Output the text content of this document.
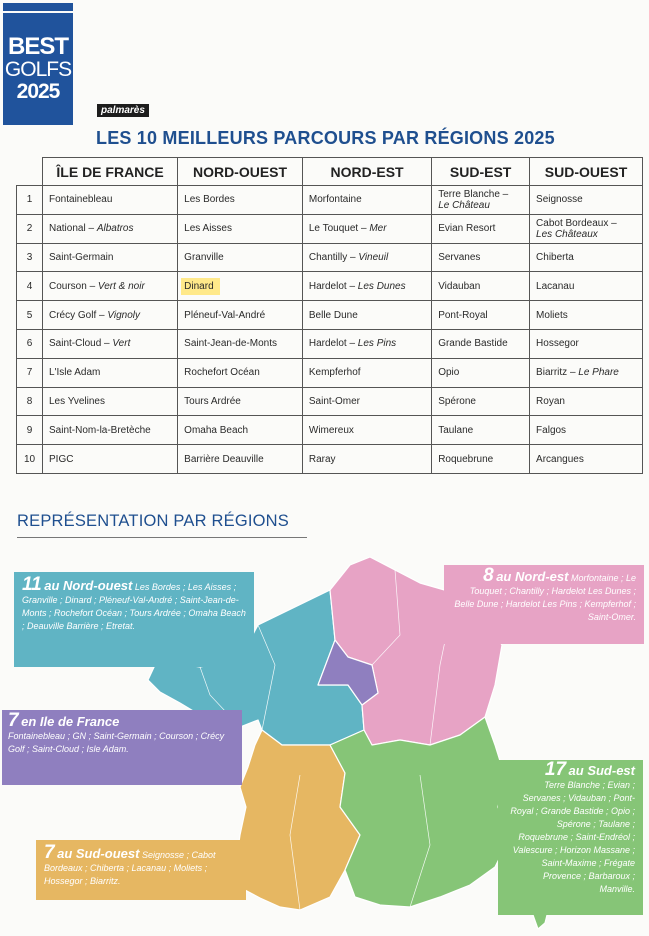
BEST
GOLFS
2025
palmarès
LES 10 MEILLEURS PARCOURS PAR RÉGIONS 2025
	ÎLE DE FRANCE	NORD-OUEST	NORD-EST	SUD-EST	SUD-OUEST
1	Fontainebleau	Les Bordes	Morfontaine	Terre Blanche –
Le Château	Seignosse
2	National – Albatros	Les Aisses	Le Touquet – Mer	Evian Resort	Cabot Bordeaux –
Les Châteaux
3	Saint-Germain	Granville	Chantilly – Vineuil	Servanes	Chiberta
4	Courson – Vert & noir	Dinard	Hardelot – Les Dunes	Vidauban	Lacanau
5	Crécy Golf – Vignoly	Pléneuf-Val-André	Belle Dune	Pont-Royal	Moliets
6	Saint-Cloud – Vert	Saint-Jean-de-Monts	Hardelot – Les Pins	Grande Bastide	Hossegor
7	L'Isle Adam	Rochefort Océan	Kempferhof	Opio	Biarritz – Le Phare
8	Les Yvelines	Tours Ardrée	Saint-Omer	Spérone	Royan
9	Saint-Nom-la-Bretèche	Omaha Beach	Wimereux	Taulane	Falgos
10	PIGC	Barrière Deauville	Raray	Roquebrune	Arcangues
REPRÉSENTATION PAR RÉGIONS
11 au Nord-ouest Les Bordes ; Les Aisses ; Granville ; Dinard ; Pléneuf-Val-André ; Saint-Jean-de-Monts ; Rochefort Océan ; Tours Ardrée ; Omaha Beach ; Deauville Barrière ; Etretat.
8 au Nord-est Morfontaine ; Le Touquet ; Chantilly ; Hardelot Les Dunes ; Belle Dune ; Hardelot Les Pins ; Kempferhof ; Saint-Omer.
7 en Ile de France
Fontainebleau ; GN ; Saint-Germain ; Courson ; Crécy Golf ; Saint-Cloud ; Isle Adam.
17 au Sud-est
Terre Blanche ; Evian ; Servanes ; Vidauban ; Pont-Royal ; Grande Bastide ; Opio ; Spérone ; Taulane ; Roquebrune ; Saint-Endréol ; Valescure ; Horizon Massane ; Saint-Maxime ; Frégate Provence ; Barbaroux ; Manville.
7 au Sud-ouest Seignosse ; Cabot Bordeaux ; Chiberta ; Lacanau ; Moliets ; Hossegor ; Biarritz.
